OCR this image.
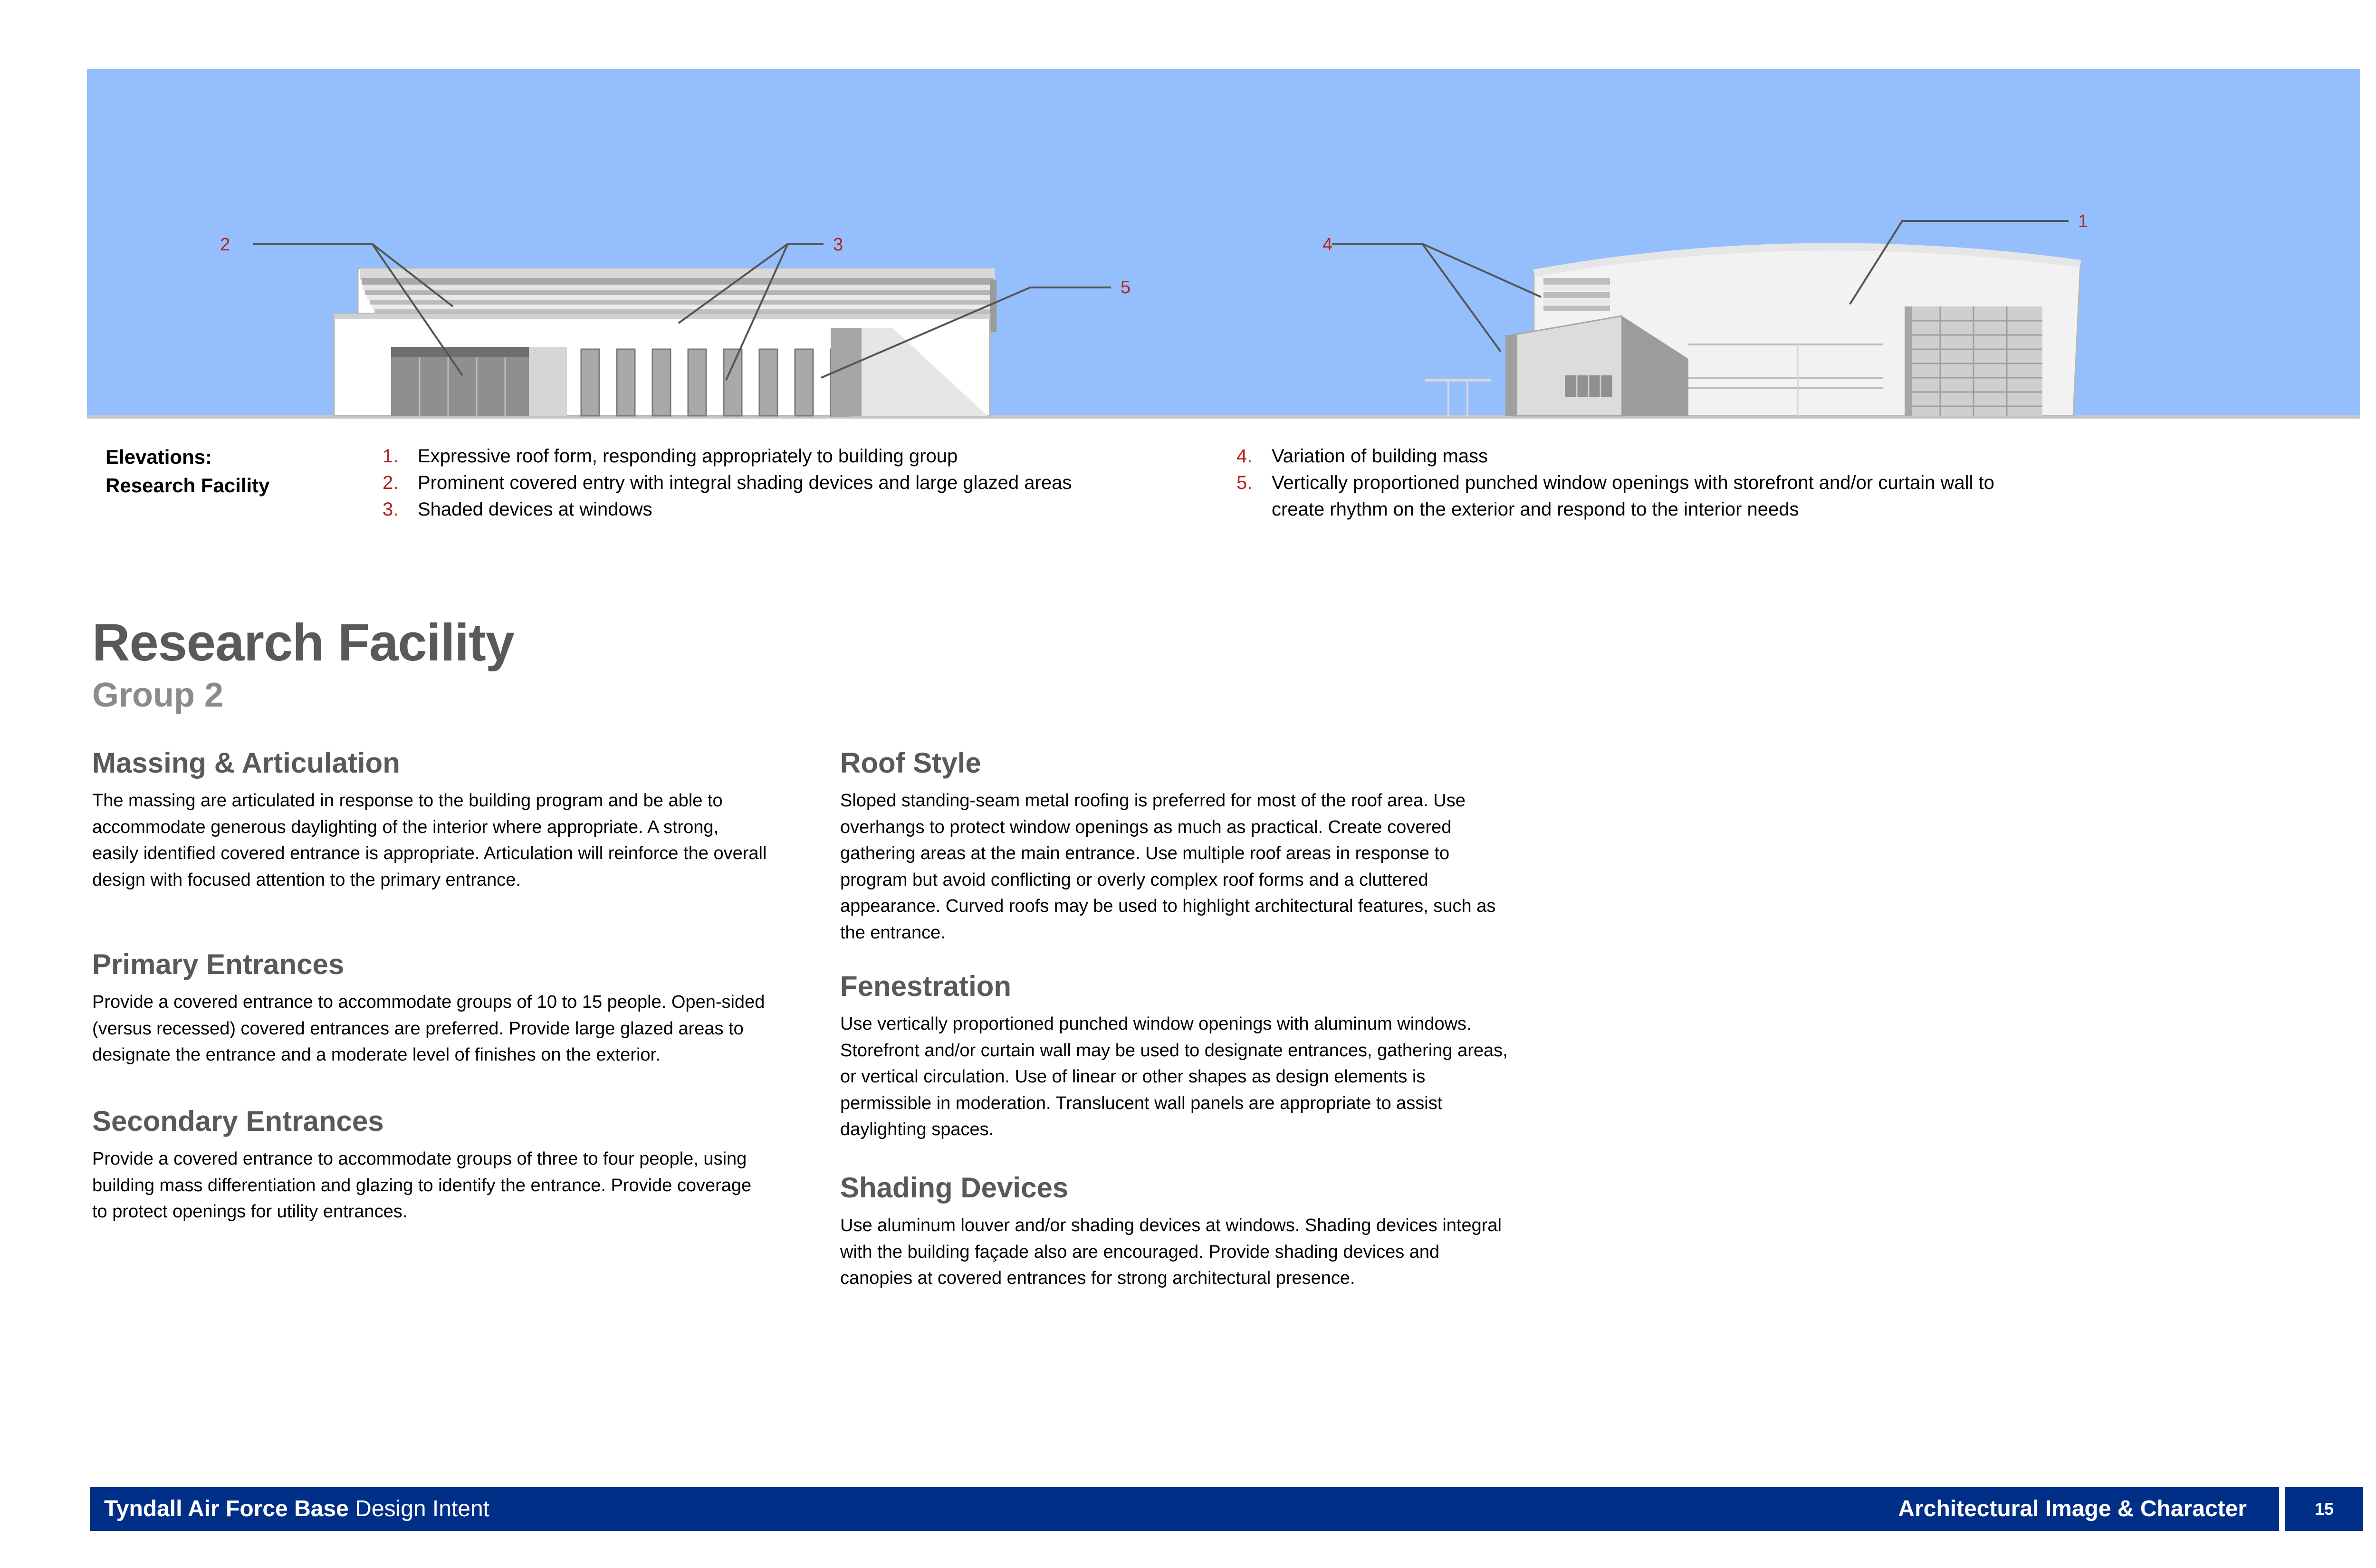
1
2	3	4
5
Elevations:
Research Facility
1. Expressive roof form, responding appropriately to building group
2. Prominent covered entry with integral shading devices and large glazed areas
3. Shaded devices at windows
4. Variation of building mass
5. Vertically proportioned punched window openings with storefront and/or curtain wall to create rhythm on the exterior and respond to the interior needs
Research Facility
Group 2
Massing & Articulation

The massing are articulated in response to the building program and be able to accommodate generous daylighting of the interior where appropriate. A strong, easily identified covered entrance is appropriate. Articulation will reinforce the overall design with focused attention to the primary entrance.

Primary Entrances

Provide a covered entrance to accommodate groups of 10 to 15 people. Open-sided (versus recessed) covered entrances are preferred. Provide large glazed areas to designate the entrance and a moderate level of finishes on the exterior.

Secondary Entrances

Provide a covered entrance to accommodate groups of three to four people, using building mass differentiation and glazing to identify the entrance. Provide coverage to protect openings for utility entrances.

Roof Style

Sloped standing-seam metal roofing is preferred for most of the roof area. Use overhangs to protect window openings as much as practical. Create covered gathering areas at the main entrance. Use multiple roof areas in response to program but avoid conflicting or overly complex roof forms and a cluttered appearance. Curved roofs may be used to highlight architectural features, such as the entrance.

Fenestration

Use vertically proportioned punched window openings with aluminum windows. Storefront and/or curtain wall may be used to designate entrances, gathering areas, or vertical circulation. Use of linear or other shapes as design elements is permissible in moderation. Translucent wall panels are appropriate to assist daylighting spaces.

Shading Devices

Use aluminum louver and/or shading devices at windows. Shading devices integral with the building façade also are encouraged. Provide shading devices and canopies at covered entrances for strong architectural presence.

Tyndall Air Force Base Design Intent	Architectural Image & Character	15
